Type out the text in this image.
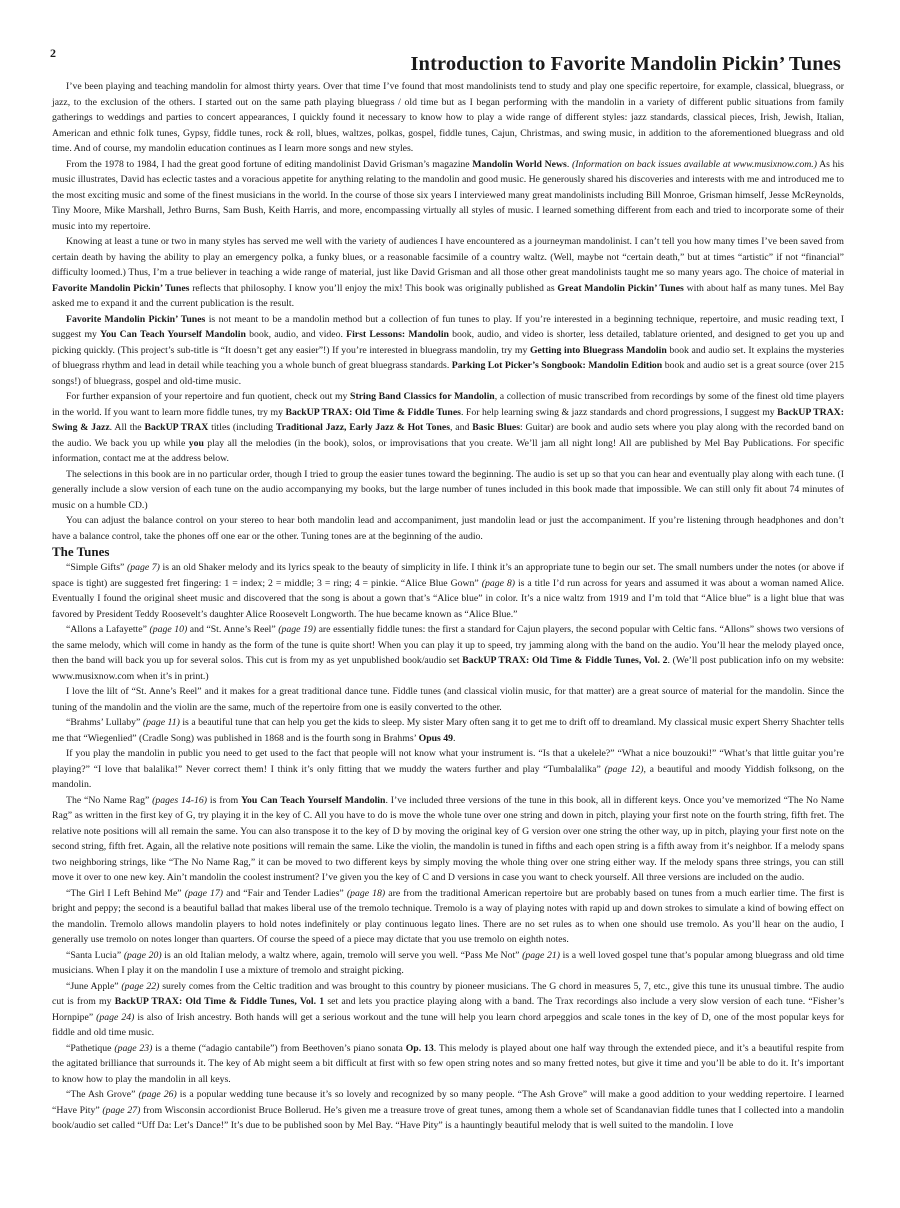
2	Introduction to Favorite Mandolin Pickin’ Tunes

I’ve been playing and teaching mandolin for almost thirty years. Over that time I’ve found that most mandolinists tend to study and play one specific repertoire, for example, classical, bluegrass, or jazz, to the exclusion of the others. I started out on the same path playing bluegrass / old time but as I began performing with the mandolin in a variety of different public situations from family gatherings to weddings and parties to concert appearances, I quickly found it necessary to know how to play a wide range of different styles: jazz standards, classical pieces, Irish, Jewish, Italian, American and ethnic folk tunes, Gypsy, fiddle tunes, rock & roll, blues, waltzes, polkas, gospel, fiddle tunes, Cajun, Christmas, and swing music, in addition to the aforementioned bluegrass and old time. And of course, my mandolin education continues as I learn more songs and new styles.

From the 1978 to 1984, I had the great good fortune of editing mandolinist David Grisman’s magazine Mandolin World News. (Information on back issues available at www.musixnow.com.) As his music illustrates, David has eclectic tastes and a voracious appetite for anything relating to the mandolin and good music. He generously shared his discoveries and interests with me and introduced me to the most exciting music and some of the finest musicians in the world. In the course of those six years I interviewed many great mandolinists including Bill Monroe, Grisman himself, Jesse McReynolds, Tiny Moore, Mike Marshall, Jethro Burns, Sam Bush, Keith Harris, and more, encompassing virtually all styles of music. I learned something different from each and tried to incorporate some of their music into my repertoire.

Knowing at least a tune or two in many styles has served me well with the variety of audiences I have encountered as a journeyman mandolinist. I can’t tell you how many times I’ve been saved from certain death by having the ability to play an emergency polka, a funky blues, or a reasonable facsimile of a country waltz. (Well, maybe not “certain death,” but at times “artistic” if not “financial” difficulty loomed.) Thus, I’m a true believer in teaching a wide range of material, just like David Grisman and all those other great mandolinists taught me so many years ago. The choice of material in Favorite Mandolin Pickin’ Tunes reflects that philosophy. I know you’ll enjoy the mix! This book was originally published as Great Mandolin Pickin’ Tunes with about half as many tunes. Mel Bay asked me to expand it and the current publication is the result.

Favorite Mandolin Pickin’ Tunes is not meant to be a mandolin method but a collection of fun tunes to play. If you’re interested in a beginning technique, repertoire, and music reading text, I suggest my You Can Teach Yourself Mandolin book, audio, and video. First Lessons: Mandolin book, audio, and video is shorter, less detailed, tablature oriented, and designed to get you up and picking quickly. (This project’s sub-title is “It doesn’t get any easier”!) If you’re interested in bluegrass mandolin, try my Getting into Bluegrass Mandolin book and audio set. It explains the mysteries of bluegrass rhythm and lead in detail while teaching you a whole bunch of great bluegrass standards. Parking Lot Picker’s Songbook: Mandolin Edition book and audio set is a great source (over 215 songs!) of bluegrass, gospel and old-time music.

For further expansion of your repertoire and fun quotient, check out my String Band Classics for Mandolin, a collection of music transcribed from recordings by some of the finest old time players in the world. If you want to learn more fiddle tunes, try my BackUP TRAX: Old Time & Fiddle Tunes. For help learning swing & jazz standards and chord progressions, I suggest my BackUP TRAX: Swing & Jazz. All the BackUP TRAX titles (including Traditional Jazz, Early Jazz & Hot Tones, and Basic Blues: Guitar) are book and audio sets where you play along with the recorded band on the audio. We back you up while you play all the melodies (in the book), solos, or improvisations that you create. We’ll jam all night long! All are published by Mel Bay Publications. For specific information, contact me at the address below.

The selections in this book are in no particular order, though I tried to group the easier tunes toward the beginning. The audio is set up so that you can hear and eventually play along with each tune. (I generally include a slow version of each tune on the audio accompanying my books, but the large number of tunes included in this book made that impossible. We can still only fit about 74 minutes of music on a humble CD.)

You can adjust the balance control on your stereo to hear both mandolin lead and accompaniment, just mandolin lead or just the accompaniment. If you’re listening through headphones and don’t have a balance control, take the phones off one ear or the other. Tuning tones are at the beginning of the audio.

The Tunes

“Simple Gifts” (page 7) is an old Shaker melody and its lyrics speak to the beauty of simplicity in life. I think it’s an appropriate tune to begin our set. The small numbers under the notes (or above if space is tight) are suggested fret fingering: 1 = index; 2 = middle; 3 = ring; 4 = pinkie. “Alice Blue Gown” (page 8) is a title I’d run across for years and assumed it was about a woman named Alice. Eventually I found the original sheet music and discovered that the song is about a gown that’s “Alice blue” in color. It’s a nice waltz from 1919 and I’m told that “Alice blue” is a light blue that was favored by President Teddy Roosevelt’s daughter Alice Roosevelt Longworth. The hue became known as “Alice Blue.”

“Allons a Lafayette” (page 10) and “St. Anne’s Reel” (page 19) are essentially fiddle tunes: the first a standard for Cajun players, the second popular with Celtic fans. “Allons” shows two versions of the same melody, which will come in handy as the form of the tune is quite short! When you can play it up to speed, try jamming along with the band on the audio. You’ll hear the melody played once, then the band will back you up for several solos. This cut is from my as yet unpublished book/audio set BackUP TRAX: Old Time & Fiddle Tunes, Vol. 2. (We’ll post publication info on my website: www.musixnow.com when it’s in print.)

I love the lilt of “St. Anne’s Reel” and it makes for a great traditional dance tune. Fiddle tunes (and classical violin music, for that matter) are a great source of material for the mandolin. Since the tuning of the mandolin and the violin are the same, much of the repertoire from one is easily converted to the other.

“Brahms’ Lullaby” (page 11) is a beautiful tune that can help you get the kids to sleep. My sister Mary often sang it to get me to drift off to dreamland. My classical music expert Sherry Shachter tells me that “Wiegenlied” (Cradle Song) was published in 1868 and is the fourth song in Brahms’ Opus 49.

If you play the mandolin in public you need to get used to the fact that people will not know what your instrument is. “Is that a ukelele?” “What a nice bouzouki!” “What’s that little guitar you’re playing?” “I love that balalika!” Never correct them! I think it’s only fitting that we muddy the waters further and play “Tumbalalika” (page 12), a beautiful and moody Yiddish folksong, on the mandolin.

The “No Name Rag” (pages 14-16) is from You Can Teach Yourself Mandolin. I’ve included three versions of the tune in this book, all in different keys. Once you’ve memorized “The No Name Rag” as written in the first key of G, try playing it in the key of C. All you have to do is move the whole tune over one string and down in pitch, playing your first note on the fourth string, fifth fret. The relative note positions will all remain the same. You can also transpose it to the key of D by moving the original key of G version over one string the other way, up in pitch, playing your first note on the second string, fifth fret. Again, all the relative note positions will remain the same. Like the violin, the mandolin is tuned in fifths and each open string is a fifth away from it’s neighbor. If a melody spans two neighboring strings, like “The No Name Rag,” it can be moved to two different keys by simply moving the whole thing over one string either way. If the melody spans three strings, you can still move it over to one new key. Ain’t mandolin the coolest instrument? I’ve given you the key of C and D versions in case you want to check yourself. All three versions are included on the audio.

“The Girl I Left Behind Me” (page 17) and “Fair and Tender Ladies” (page 18) are from the traditional American repertoire but are probably based on tunes from a much earlier time. The first is bright and peppy; the second is a beautiful ballad that makes liberal use of the tremolo technique. Tremolo is a way of playing notes with rapid up and down strokes to simulate a kind of bowing effect on the mandolin. Tremolo allows mandolin players to hold notes indefinitely or play continuous legato lines. There are no set rules as to when one should use tremolo. As you’ll hear on the audio, I generally use tremolo on notes longer than quarters. Of course the speed of a piece may dictate that you use tremolo on eighth notes.

“Santa Lucia” (page 20) is an old Italian melody, a waltz where, again, tremolo will serve you well. “Pass Me Not” (page 21) is a well loved gospel tune that’s popular among bluegrass and old time musicians. When I play it on the mandolin I use a mixture of tremolo and straight picking.

“June Apple” (page 22) surely comes from the Celtic tradition and was brought to this country by pioneer musicians. The G chord in measures 5, 7, etc., give this tune its unusual timbre. The audio cut is from my BackUP TRAX: Old Time & Fiddle Tunes, Vol. 1 set and lets you practice playing along with a band. The Trax recordings also include a very slow version of each tune. “Fisher’s Hornpipe” (page 24) is also of Irish ancestry. Both hands will get a serious workout and the tune will help you learn chord arpeggios and scale tones in the key of D, one of the most popular keys for fiddle and old time music.

“Pathetique (page 23) is a theme (“adagio cantabile”) from Beethoven’s piano sonata Op. 13. This melody is played about one half way through the extended piece, and it’s a beautiful respite from the agitated brilliance that surrounds it. The key of Ab might seem a bit difficult at first with so few open string notes and so many fretted notes, but give it time and you’ll be able to do it. It’s important to know how to play the mandolin in all keys.

“The Ash Grove” (page 26) is a popular wedding tune because it’s so lovely and recognized by so many people. “The Ash Grove” will make a good addition to your wedding repertoire. I learned “Have Pity” (page 27) from Wisconsin accordionist Bruce Bollerud. He’s given me a treasure trove of great tunes, among them a whole set of Scandanavian fiddle tunes that I collected into a mandolin book/audio set called “Uff Da: Let’s Dance!” It’s due to be published soon by Mel Bay. “Have Pity” is a hauntingly beautiful melody that is well suited to the mandolin. I love
